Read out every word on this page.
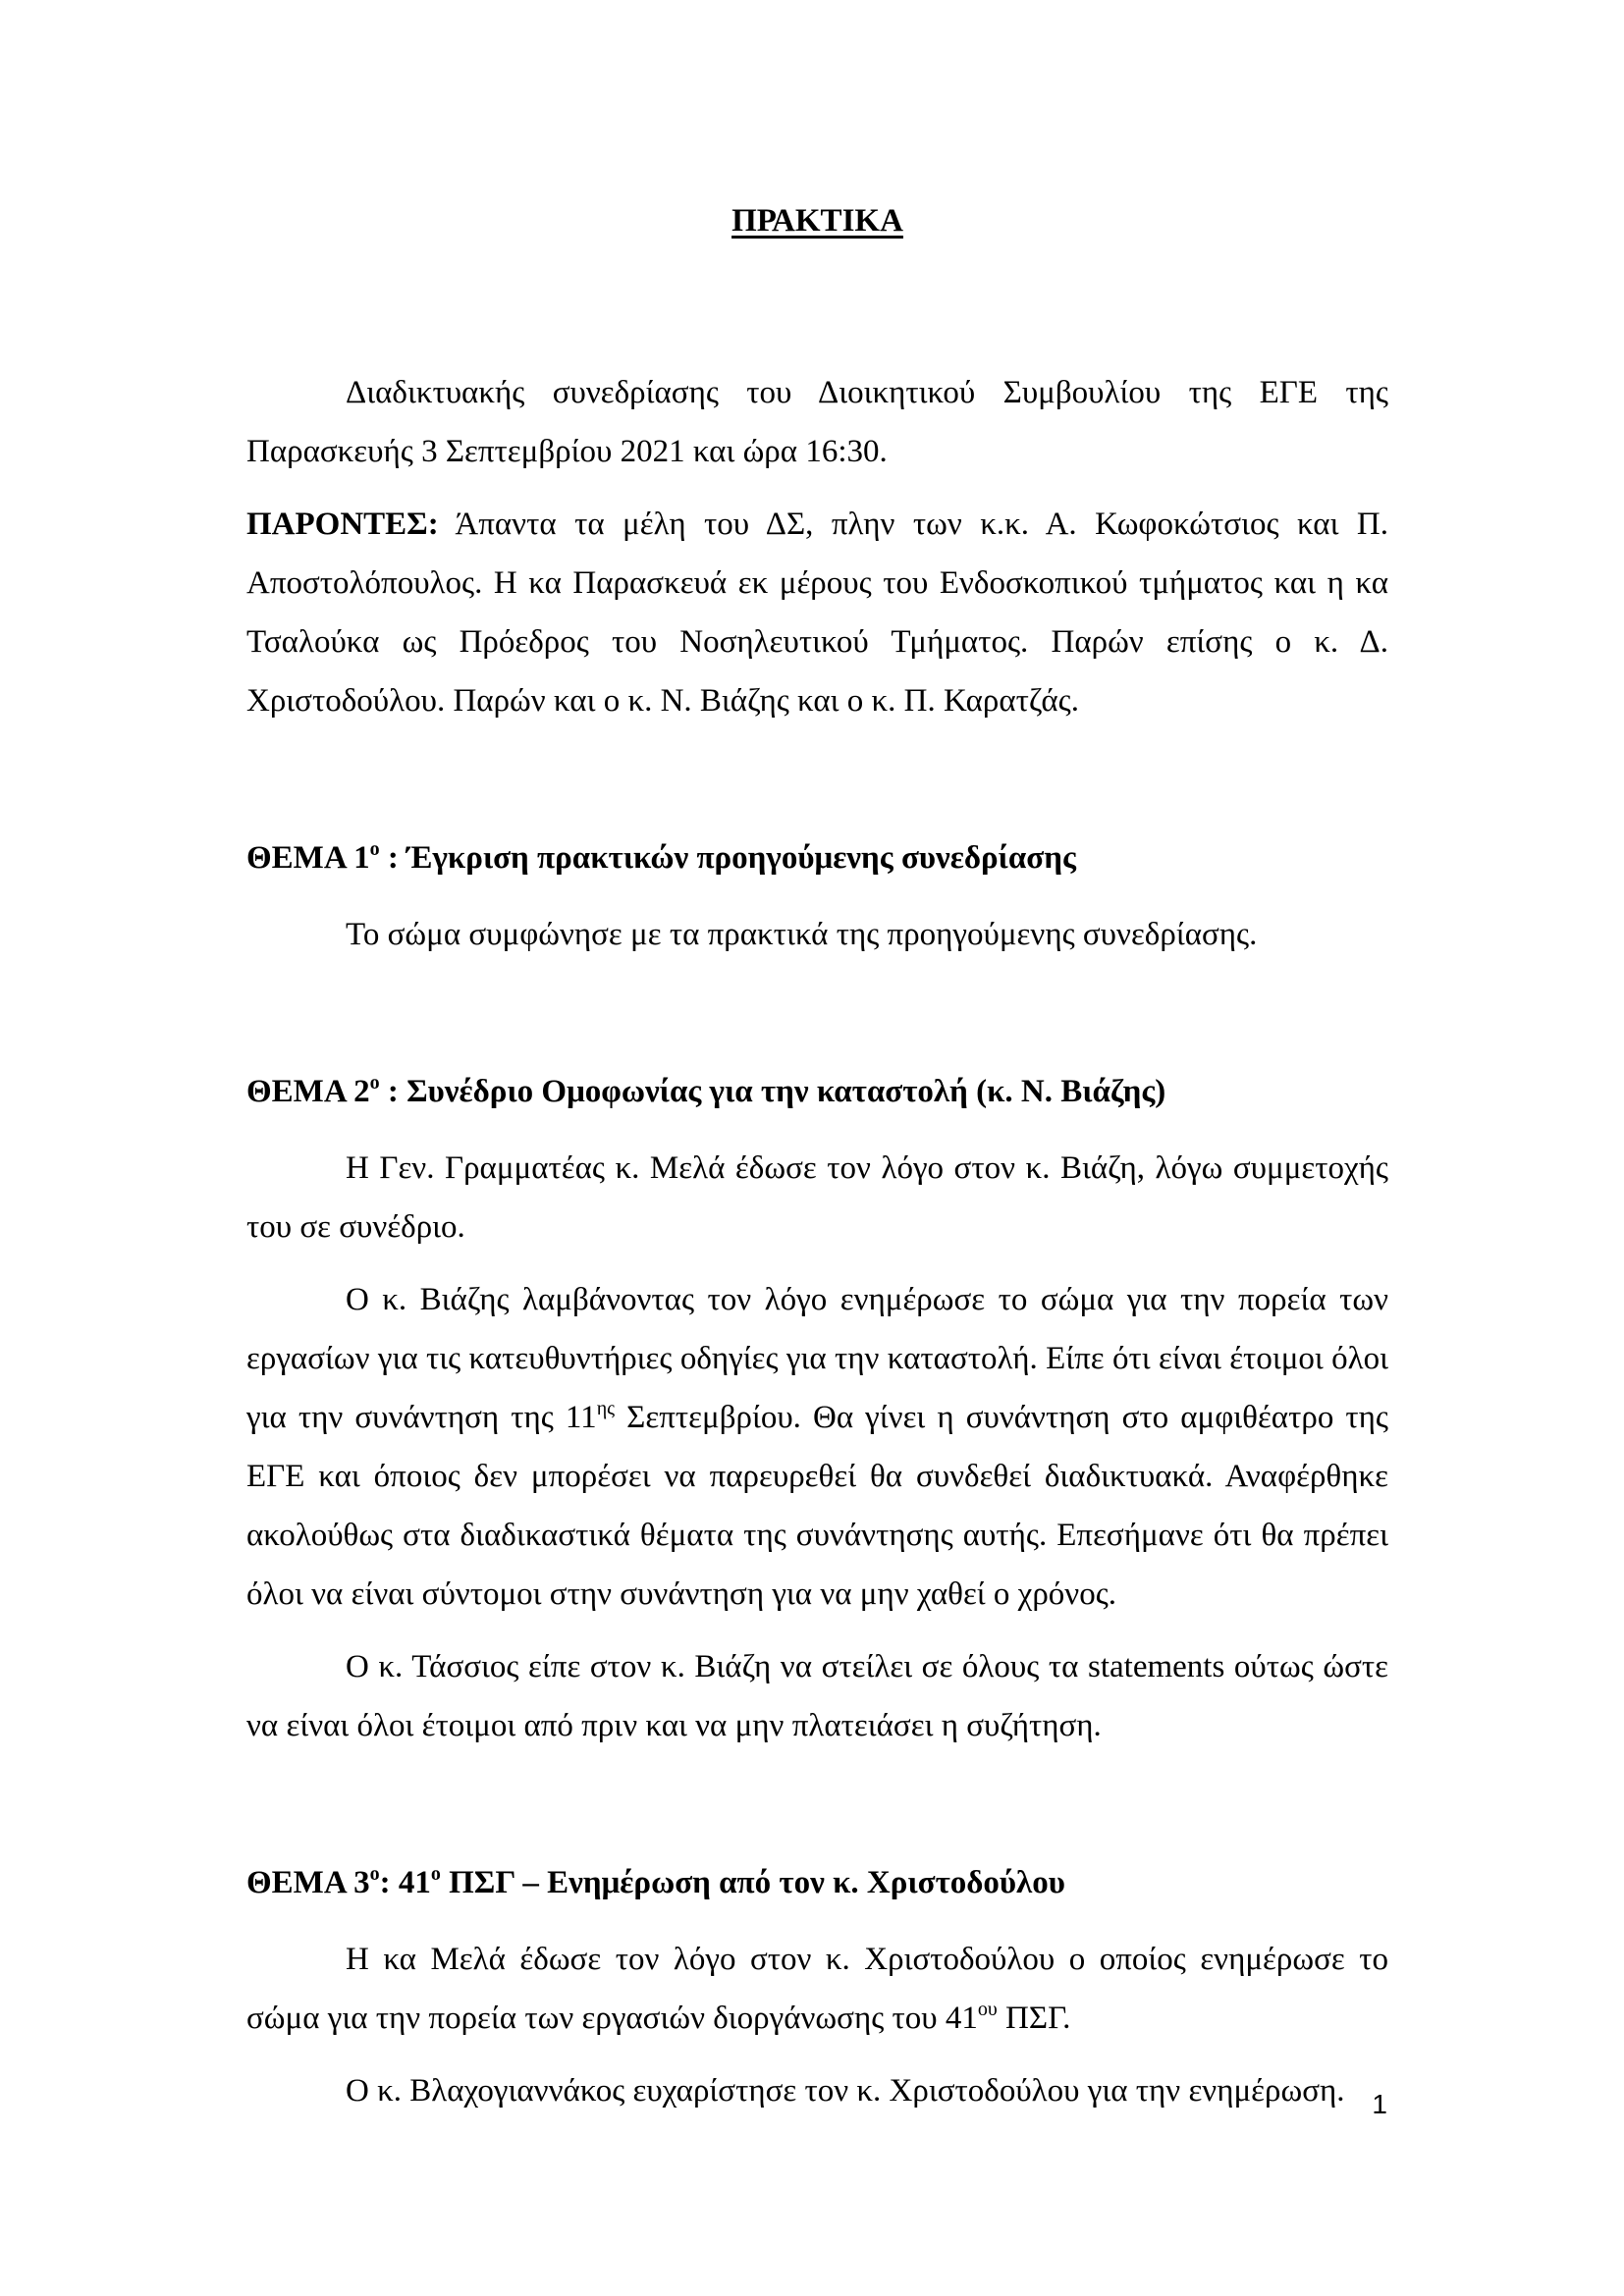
ΠΡΑΚΤΙΚΑ

Διαδικτυακής συνεδρίασης του Διοικητικού Συμβουλίου της ΕΓΕ της Παρασκευής 3 Σεπτεμβρίου 2021 και ώρα 16:30.

ΠΑΡΟΝΤΕΣ: Άπαντα τα μέλη του ΔΣ, πλην των κ.κ. Α. Κωφοκώτσιος και Π. Αποστολόπουλος. Η κα Παρασκευά εκ μέρους του Ενδοσκοπικού τμήματος και η κα Τσαλούκα ως Πρόεδρος του Νοσηλευτικού Τμήματος. Παρών επίσης ο κ. Δ. Χριστοδούλου. Παρών και ο κ. Ν. Βιάζης και ο κ. Π. Καρατζάς.

ΘΕΜΑ $1^o$ : Έγκριση πρακτικών προηγούμενης συνεδρίασης

Το σώμα συμφώνησε με τα πρακτικά της προηγούμενης συνεδρίασης.

ΘΕΜΑ $2^o$ : Συνέδριο Ομοφωνίας για την καταστολή (κ. Ν. Βιάζης)

Η Γεν. Γραμματέας κ. Μελά έδωσε τον λόγο στον κ. Βιάζη, λόγω συμμετοχής του σε συνέδριο.

Ο κ. Βιάζης λαμβάνοντας τον λόγο ενημέρωσε το σώμα για την πορεία των εργασίων για τις κατευθυντήριες οδηγίες για την καταστολή. Είπε ότι είναι έτοιμοι όλοι για την συνάντηση της $11^{\eta\varsigma}$ Σεπτεμβρίου. Θα γίνει η συνάντηση στο αμφιθέατρο της ΕΓΕ και όποιος δεν μπορέσει να παρευρεθεί θα συνδεθεί διαδικτυακά. Αναφέρθηκε ακολούθως στα διαδικαστικά θέματα της συνάντησης αυτής. Επεσήμανε ότι θα πρέπει όλοι να είναι σύντομοι στην συνάντηση για να μην χαθεί ο χρόνος.

Ο κ. Τάσσιος είπε στον κ. Βιάζη να στείλει σε όλους τα statements ούτως ώστε να είναι όλοι έτοιμοι από πριν και να μην πλατειάσει η συζήτηση.

ΘΕΜΑ $3^o$: $41^o$ ΠΣΓ – Ενημέρωση από τον κ. Χριστοδούλου

Η κα Μελά έδωσε τον λόγο στον κ. Χριστοδούλου ο οποίος ενημέρωσε το σώμα για την πορεία των εργασιών διοργάνωσης του $41^{o\upsilon}$ ΠΣΓ.

Ο κ. Βλαχογιαννάκος ευχαρίστησε τον κ. Χριστοδούλου για την ενημέρωση. 1
